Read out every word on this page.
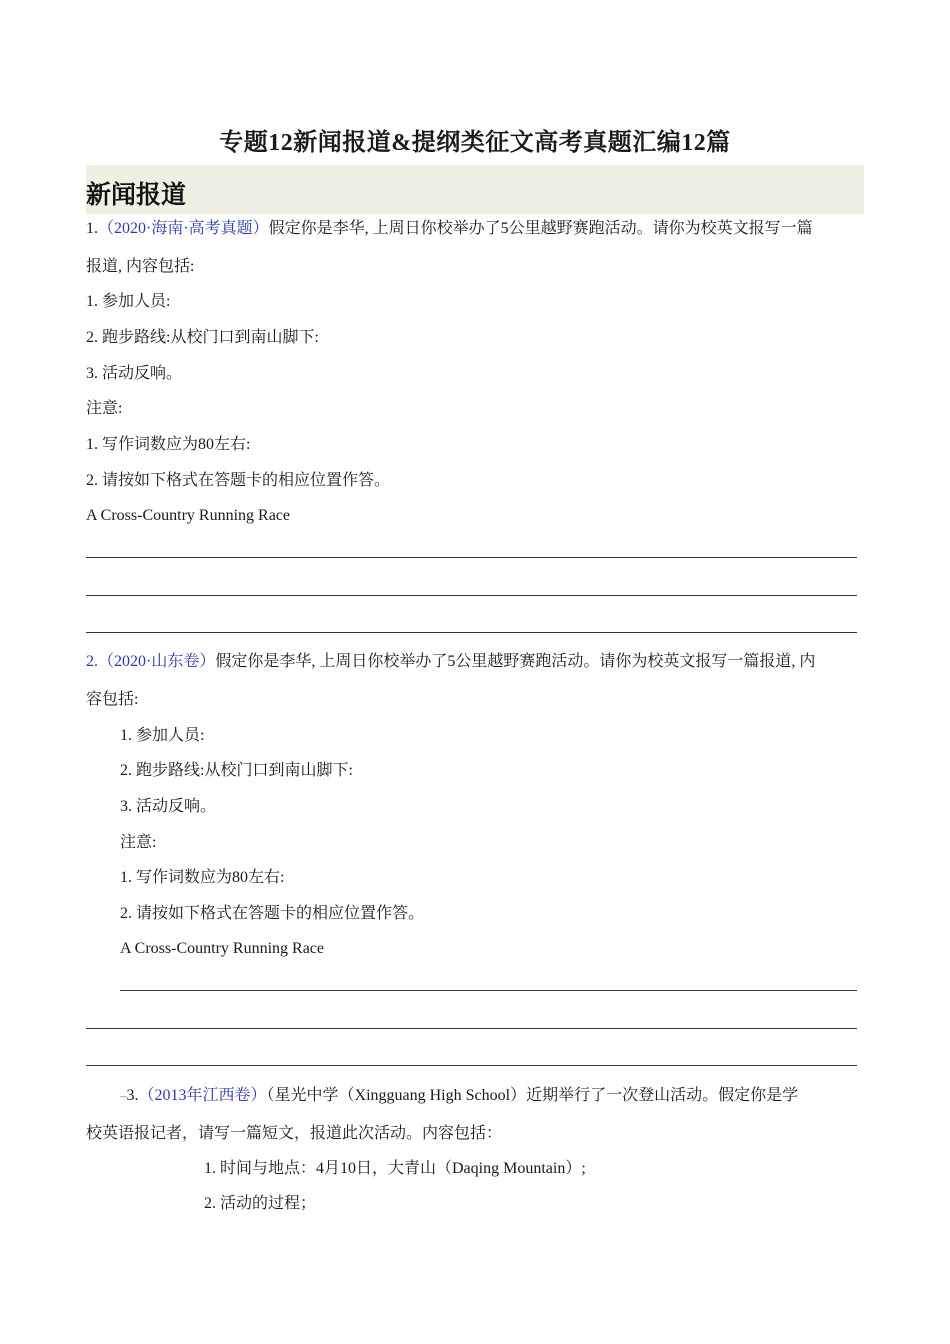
专题12新闻报道&提纲类征文高考真题汇编12篇
新闻报道
1.（2020·海南·高考真题）假定你是李华, 上周日你校举办了5公里越野赛跑活动。请你为校英文报写一篇
报道, 内容包括:
1. 参加人员:
2. 跑步路线:从校门口到南山脚下:
3. 活动反响。
注意:
1. 写作词数应为80左右:
2. 请按如下格式在答题卡的相应位置作答。
A Cross-Country Running Race
2.（2020·山东卷）假定你是李华, 上周日你校举办了5公里越野赛跑活动。请你为校英文报写一篇报道, 内
容包括:
1. 参加人员:
2. 跑步路线:从校门口到南山脚下:
3. 活动反响。
注意:
1. 写作词数应为80左右:
2. 请按如下格式在答题卡的相应位置作答。
A Cross-Country Running Race
–3.（2013年江西卷）（星光中学（Xingguang High School）近期举行了一次登山活动。假定你是学
校英语报记者，请写一篇短文，报道此次活动。内容包括：
1. 时间与地点：4月10日，大青山（Daqing Mountain）;
2. 活动的过程；
